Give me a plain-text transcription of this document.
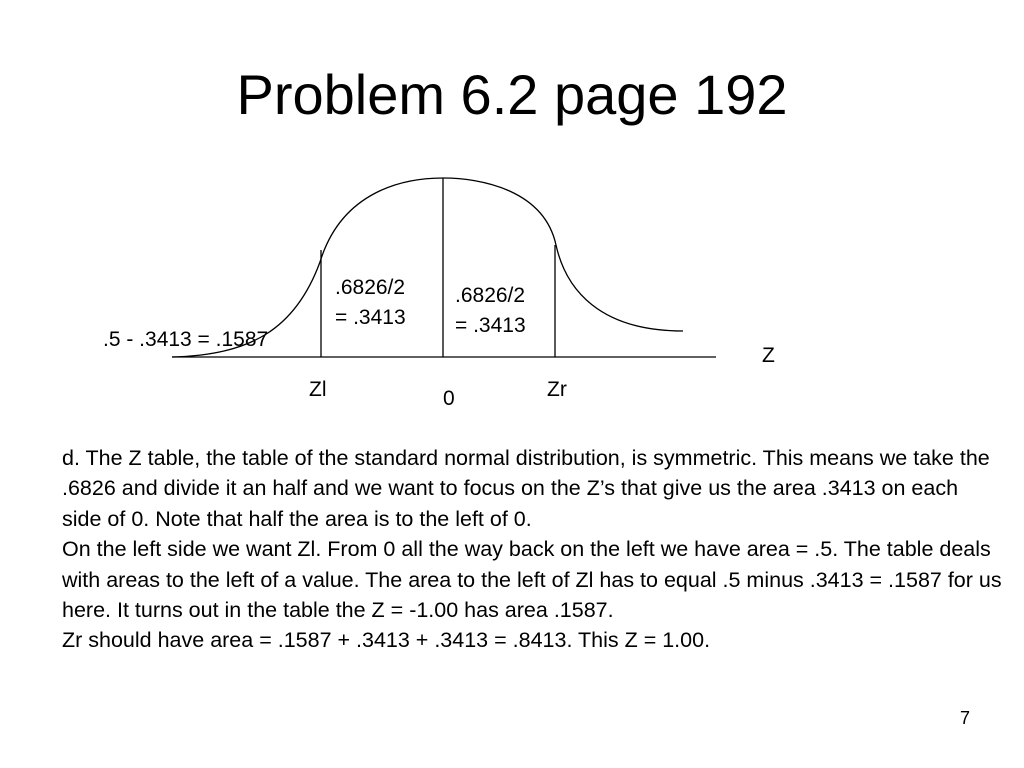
Problem 6.2 page 192
.5 - .3413 = .1587
.6826/2
= .3413
.6826/2
= .3413
Z
Zl	0	Zr

d. The Z table, the table of the standard normal distribution, is symmetric. This means we take the .6826 and divide it an half and we want to focus on the Z’s that give us the area .3413 on each side of 0. Note that half the area is to the left of 0.

On the left side we want Zl. From 0 all the way back on the left we have area = .5. The table deals with areas to the left of a value. The area to the left of Zl has to equal .5 minus .3413 = .1587 for us here. It turns out in the table the Z = -1.00 has area .1587.

Zr should have area = .1587 + .3413 + .3413 = .8413. This Z = 1.00.

7
